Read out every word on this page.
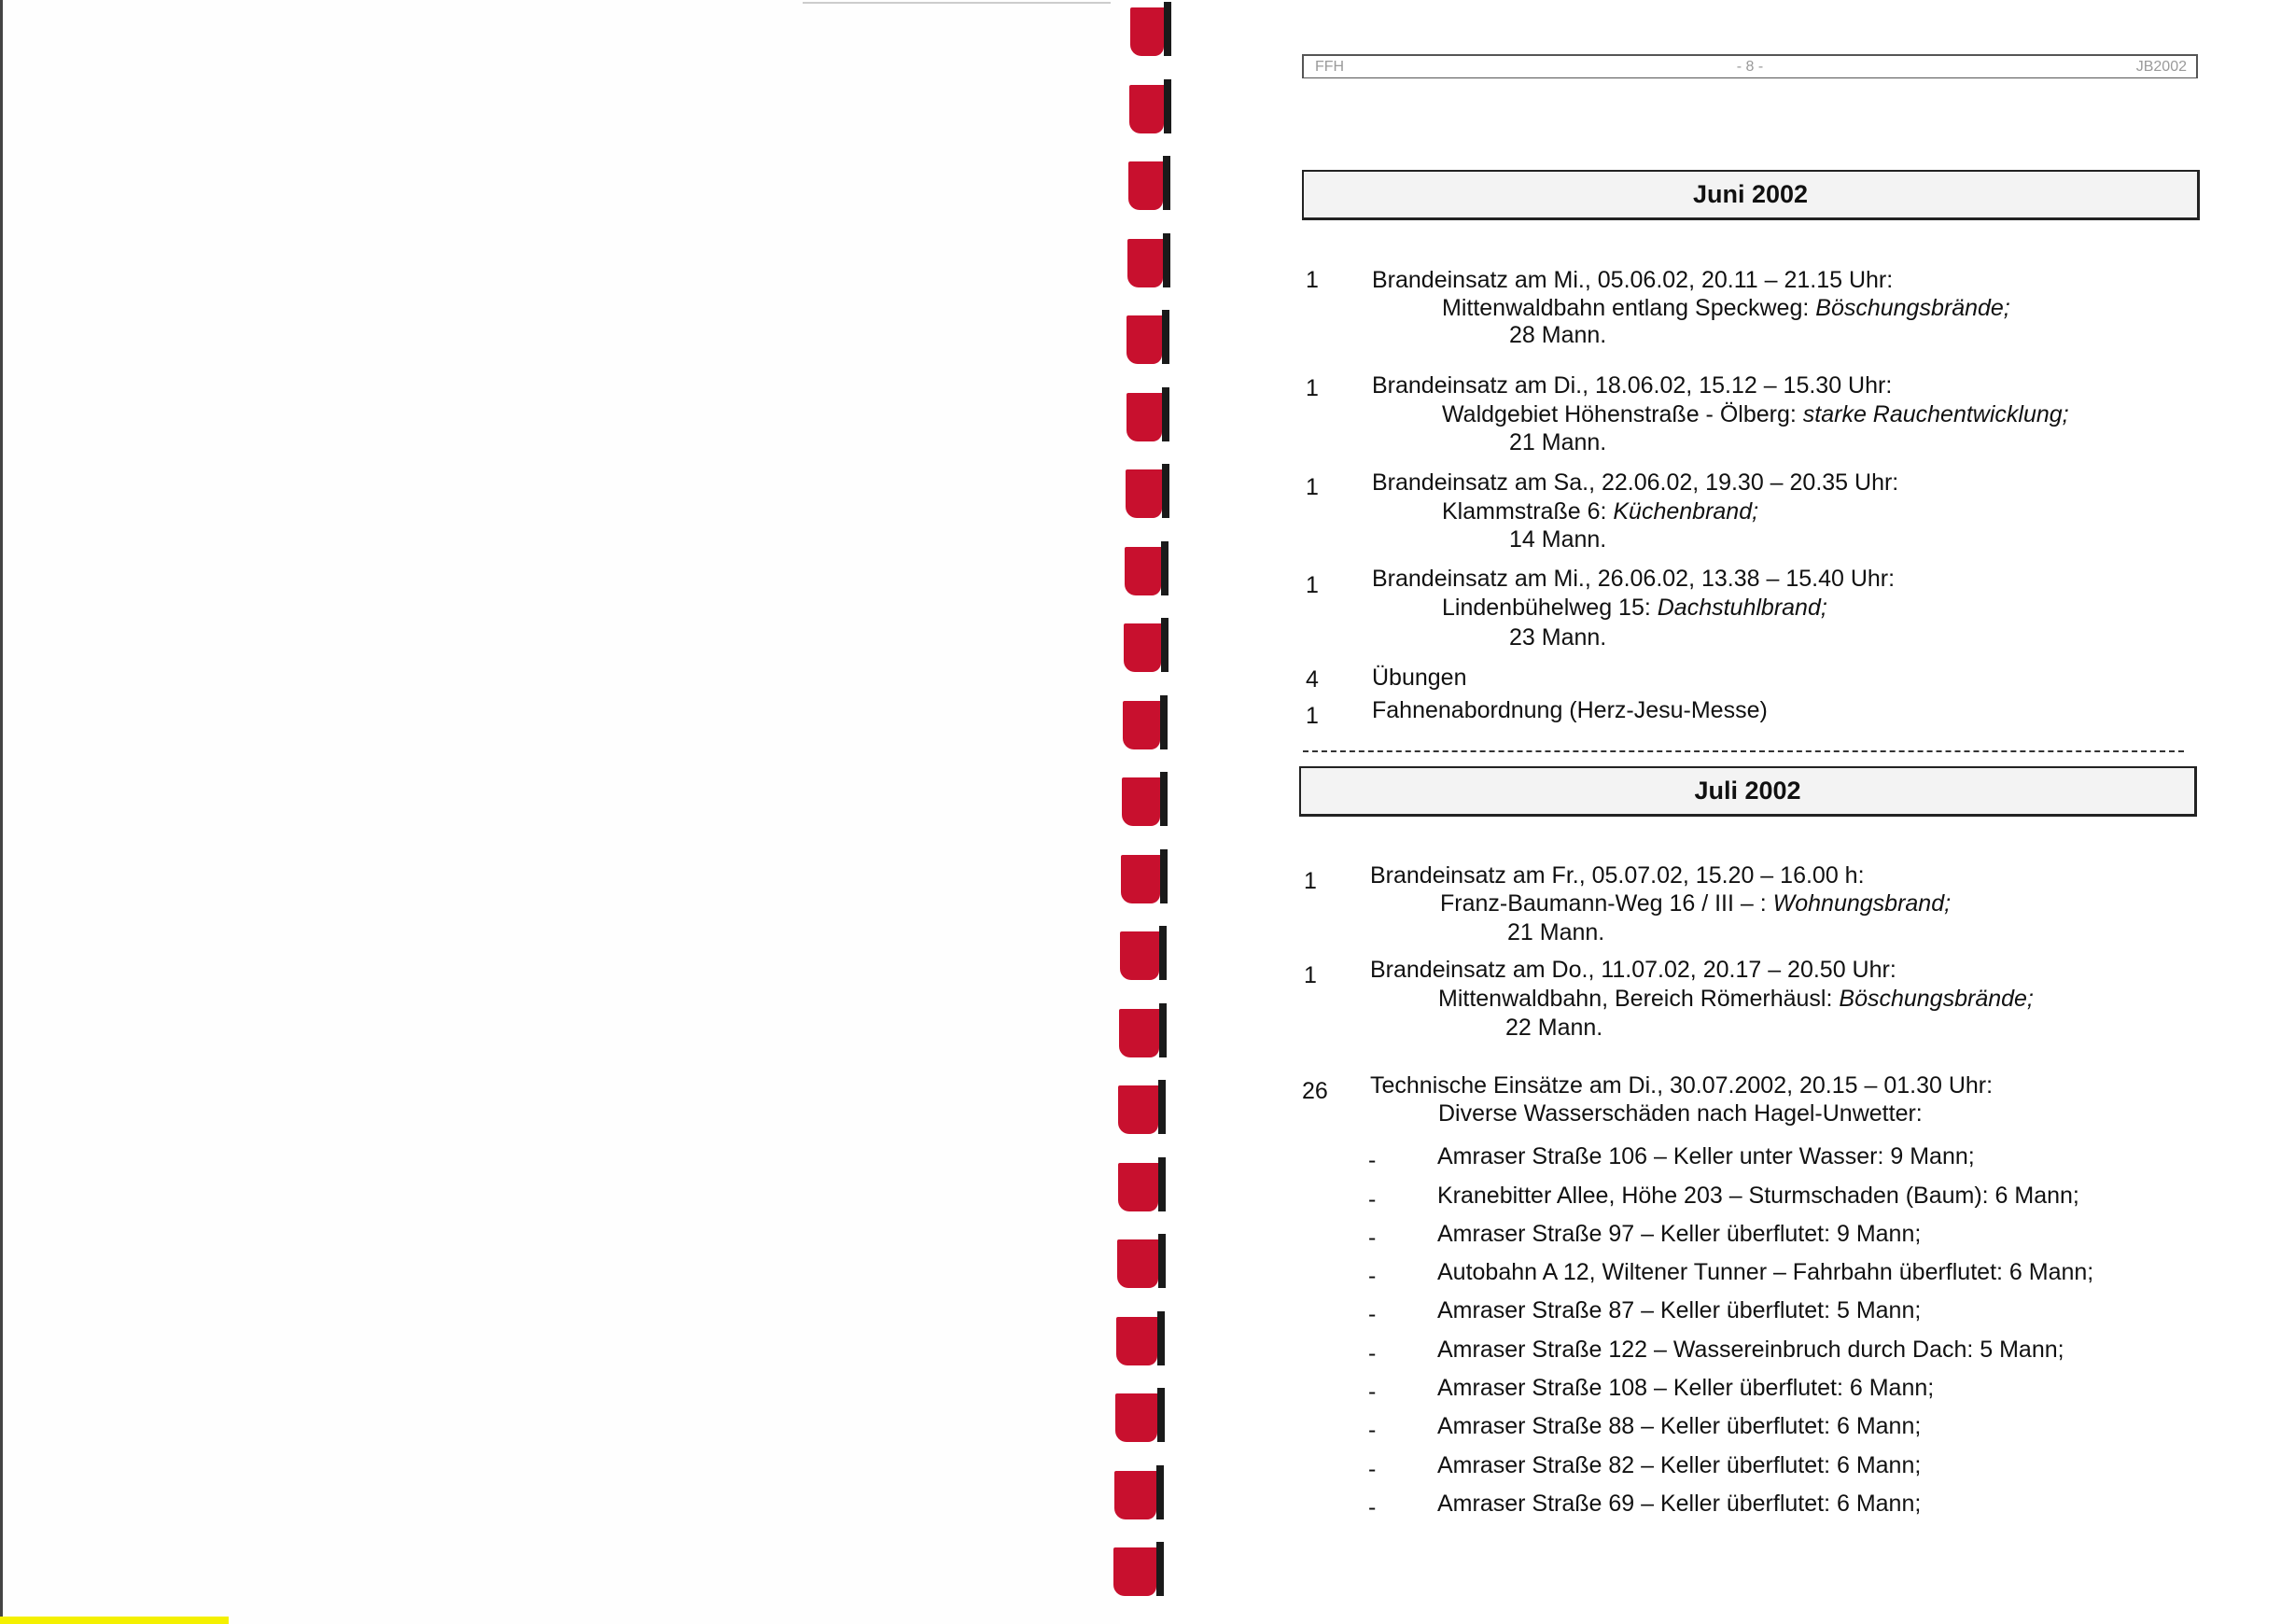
FFH	- 8 -	JB2002
Juni 2002
1	Brandeinsatz am Mi., 05.06.02, 20.11 – 21.15 Uhr:
Mittenwaldbahn entlang Speckweg: Böschungsbrände;
28 Mann.
1 Brandeinsatz am Di., 18.06.02, 15.12 – 15.30 Uhr:
Waldgebiet Höhenstraße - Ölberg: starke Rauchentwicklung;
21 Mann.
1 Brandeinsatz am Sa., 22.06.02, 19.30 – 20.35 Uhr:
Klammstraße 6: Küchenbrand;
14 Mann.
1 Brandeinsatz am Mi., 26.06.02, 13.38 – 15.40 Uhr:
Lindenbühelweg 15: Dachstuhlbrand;
23 Mann.
4 Übungen
1 Fahnenabordnung (Herz-Jesu-Messe)
Juli 2002
1 Brandeinsatz am Fr., 05.07.02, 15.20 – 16.00 h:
Franz-Baumann-Weg 16 / III – : Wohnungsbrand;
21 Mann.
1 Brandeinsatz am Do., 11.07.02, 20.17 – 20.50 Uhr:
Mittenwaldbahn, Bereich Römerhäusl: Böschungsbrände;
22 Mann.
26 Technische Einsätze am Di., 30.07.2002, 20.15 – 01.30 Uhr:
Diverse Wasserschäden nach Hagel-Unwetter:
-	Amraser Straße 106 – Keller unter Wasser: 9 Mann;
-	Kranebitter Allee, Höhe 203 – Sturmschaden (Baum): 6 Mann;
-	Amraser Straße 97 – Keller überflutet: 9 Mann;
-	Autobahn A 12, Wiltener Tunner – Fahrbahn überflutet: 6 Mann;
-	Amraser Straße 87 – Keller überflutet: 5 Mann;
-	Amraser Straße 122 – Wassereinbruch durch Dach: 5 Mann;
-	Amraser Straße 108 – Keller überflutet: 6 Mann;
-	Amraser Straße 88 – Keller überflutet: 6 Mann;
-	Amraser Straße 82 – Keller überflutet: 6 Mann;
-	Amraser Straße 69 – Keller überflutet: 6 Mann;
